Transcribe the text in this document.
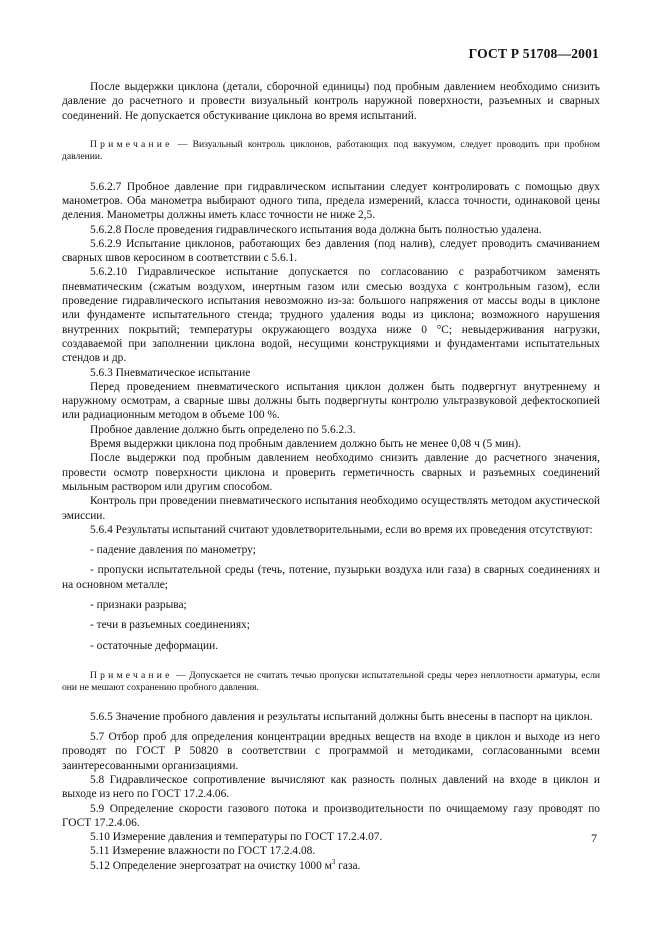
ГОСТ Р 51708—2001

После выдержки циклона (детали, сборочной единицы) под пробным давлением необходимо снизить давление до расчетного и провести визуальный контроль наружной поверхности, разъемных и сварных соединений. Не допускается обстукивание циклона во время испытаний.

Примечание — Визуальный контроль циклонов, работающих под вакуумом, следует проводить при пробном давлении.

5.6.2.7 Пробное давление при гидравлическом испытании следует контролировать с помощью двух манометров. Оба манометра выбирают одного типа, предела измерений, класса точности, одинаковой цены деления. Манометры должны иметь класс точности не ниже 2,5.

5.6.2.8 После проведения гидравлического испытания вода должна быть полностью удалена.

5.6.2.9 Испытание циклонов, работающих без давления (под налив), следует проводить смачиванием сварных швов керосином в соответствии с 5.6.1.

5.6.2.10 Гидравлическое испытание допускается по согласованию с разработчиком заменять пневматическим (сжатым воздухом, инертным газом или смесью воздуха с контрольным газом), если проведение гидравлического испытания невозможно из-за: большого напряжения от массы воды в циклоне или фундаменте испытательного стенда; трудного удаления воды из циклона; возможного нарушения внутренних покрытий; температуры окружающего воздуха ниже 0 °С; невыдерживания нагрузки, создаваемой при заполнении циклона водой, несущими конструкциями и фундаментами испытательных стендов и др.

5.6.3 Пневматическое испытание

Перед проведением пневматического испытания циклон должен быть подвергнут внутреннему и наружному осмотрам, а сварные швы должны быть подвергнуты контролю ультразвуковой дефектоскопией или радиационным методом в объеме 100 %.

Пробное давление должно быть определено по 5.6.2.3.

Время выдержки циклона под пробным давлением должно быть не менее 0,08 ч (5 мин).

После выдержки под пробным давлением необходимо снизить давление до расчетного значения, провести осмотр поверхности циклона и проверить герметичность сварных и разъемных соединений мыльным раствором или другим способом.

Контроль при проведении пневматического испытания необходимо осуществлять методом акустической эмиссии.

5.6.4 Результаты испытаний считают удовлетворительными, если во время их проведения отсутствуют:

- падение давления по манометру;

- пропуски испытательной среды (течь, потение, пузырьки воздуха или газа) в сварных соединениях и на основном металле;

- признаки разрыва;

- течи в разъемных соединениях;

- остаточные деформации.

Примечание — Допускается не считать течью пропуски испытательной среды через неплотности арматуры, если они не мешают сохранению пробного давления.

5.6.5 Значение пробного давления и результаты испытаний должны быть внесены в паспорт на циклон.

5.7 Отбор проб для определения концентрации вредных веществ на входе в циклон и выходе из него проводят по ГОСТ Р 50820 в соответствии с программой и методиками, согласованными всеми заинтересованными организациями.

5.8 Гидравлическое сопротивление вычисляют как разность полных давлений на входе в циклон и выходе из него по ГОСТ 17.2.4.06.

5.9 Определение скорости газового потока и производительности по очищаемому газу проводят по ГОСТ 17.2.4.06.

5.10 Измерение давления и температуры по ГОСТ 17.2.4.07.

5.11 Измерение влажности по ГОСТ 17.2.4.08.

5.12 Определение энергозатрат на очистку 1000 $м^3$ газа.

7
